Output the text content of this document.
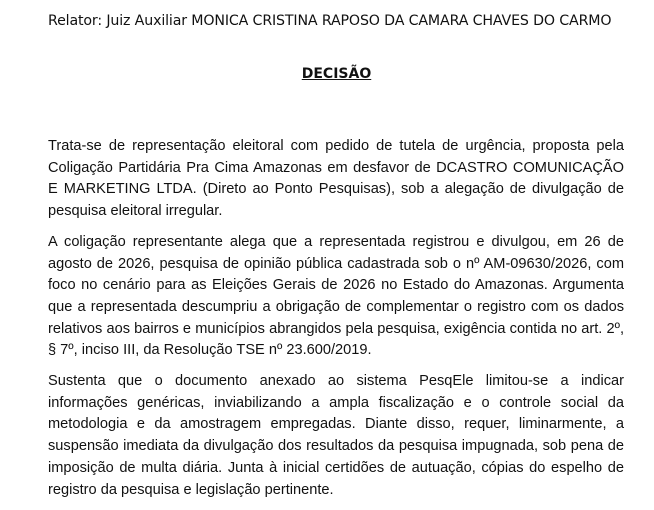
Relator: Juiz Auxiliar MONICA CRISTINA RAPOSO DA CAMARA CHAVES DO CARMO
DECISÃO

Trata-se de representação eleitoral com pedido de tutela de urgência, proposta pela Coligação Partidária Pra Cima Amazonas em desfavor de DCASTRO COMUNICAÇÃO E MARKETING LTDA. (Direto ao Ponto Pesquisas), sob a alegação de divulgação de pesquisa eleitoral irregular.

A coligação representante alega que a representada registrou e divulgou, em 26 de agosto de 2026, pesquisa de opinião pública cadastrada sob o nº AM-09630/2026, com foco no cenário para as Eleições Gerais de 2026 no Estado do Amazonas. Argumenta que a representada descumpriu a obrigação de complementar o registro com os dados relativos aos bairros e municípios abrangidos pela pesquisa, exigência contida no art. 2º, § 7º, inciso III, da Resolução TSE nº 23.600/2019.

Sustenta que o documento anexado ao sistema PesqEle limitou-se a indicar informações genéricas, inviabilizando a ampla fiscalização e o controle social da metodologia e da amostragem empregadas. Diante disso, requer, liminarmente, a suspensão imediata da divulgação dos resultados da pesquisa impugnada, sob pena de imposição de multa diária. Junta à inicial certidões de autuação, cópias do espelho de registro da pesquisa e legislação pertinente.
